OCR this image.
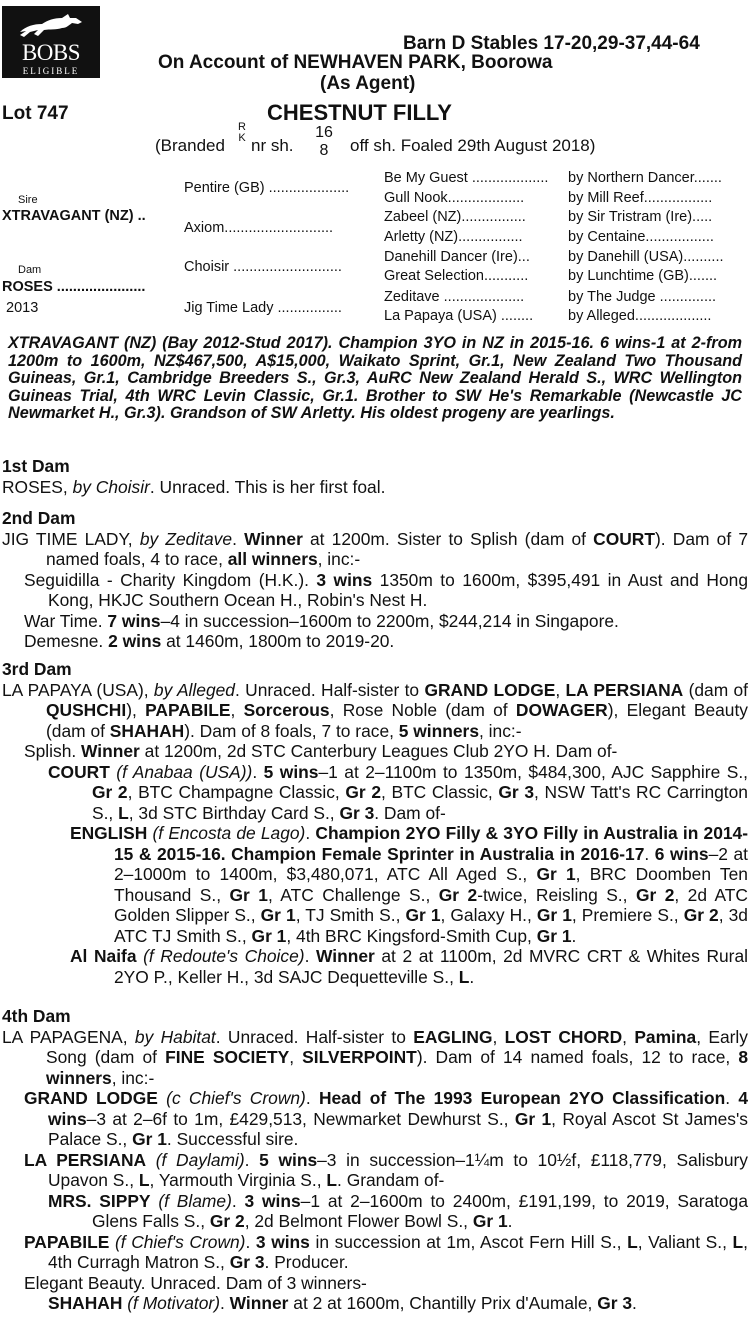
BOBS
ELIGIBLE
Barn D Stables 17-20,29-37,44-64
On Account of NEWHAVEN PARK, Boorowa
(As Agent)
Lot 747	CHESTNUT FILLY
(Branded
R
K nr sh.
16
8	off sh. Foaled 29th August 2018)
Sire
XTRAVAGANT (NZ) ..
Dam
ROSES ......................
2013
Pentire (GB) ....................
Axiom...........................
Choisir ...........................
Jig Time Lady ................
Be My Guest ................... by Northern Dancer.......
Gull Nook...................	by Mill Reef.................
Zabeel (NZ)................	by Sir Tristram (Ire).....
Arletty (NZ)................	by Centaine.................
Danehill Dancer (Ire)...	by Danehill (USA)..........
Great Selection...........	by Lunchtime (GB).......
Zeditave ....................	by The Judge ..............
La Papaya (USA) ........ by Alleged...................
XTRAVAGANT (NZ) (Bay 2012-Stud 2017). Champion 3YO in NZ in 2015-16. 6 wins-1 at 2-from 1200m to 1600m, NZ$467,500, A$15,000, Waikato Sprint, Gr.1, New Zealand Two Thousand Guineas, Gr.1, Cambridge Breeders S., Gr.3, AuRC New Zealand Herald S., WRC Wellington Guineas Trial, 4th WRC Levin Classic, Gr.1. Brother to SW He's Remarkable (Newcastle JC Newmarket H., Gr.3). Grandson of SW Arletty. His oldest progeny are yearlings.
1st Dam
ROSES, by Choisir. Unraced. This is her first foal.
2nd Dam
JIG TIME LADY, by Zeditave. Winner at 1200m. Sister to Splish (dam of COURT). Dam of 7 named foals, 4 to race, all winners, inc:-
Seguidilla - Charity Kingdom (H.K.). 3 wins 1350m to 1600m, $395,491 in Aust and Hong Kong, HKJC Southern Ocean H., Robin's Nest H.
War Time. 7 wins–4 in succession–1600m to 2200m, $244,214 in Singapore.
Demesne. 2 wins at 1460m, 1800m to 2019-20.
3rd Dam
LA PAPAYA (USA), by Alleged. Unraced. Half-sister to GRAND LODGE, LA PERSIANA (dam of QUSHCHI), PAPABILE, Sorcerous, Rose Noble (dam of DOWAGER), Elegant Beauty (dam of SHAHAH). Dam of 8 foals, 7 to race, 5 winners, inc:-
Splish. Winner at 1200m, 2d STC Canterbury Leagues Club 2YO H. Dam of-
COURT (f Anabaa (USA)). 5 wins–1 at 2–1100m to 1350m, $484,300, AJC Sapphire S., Gr 2, BTC Champagne Classic, Gr 2, BTC Classic, Gr 3, NSW Tatt's RC Carrington S., L, 3d STC Birthday Card S., Gr 3. Dam of-
ENGLISH (f Encosta de Lago). Champion 2YO Filly & 3YO Filly in Australia in 2014-15 & 2015-16. Champion Female Sprinter in Australia in 2016-17. 6 wins–2 at 2–1000m to 1400m, $3,480,071, ATC All Aged S., Gr 1, BRC Doomben Ten Thousand S., Gr 1, ATC Challenge S., Gr 2-twice, Reisling S., Gr 2, 2d ATC Golden Slipper S., Gr 1, TJ Smith S., Gr 1, Galaxy H., Gr 1, Premiere S., Gr 2, 3d ATC TJ Smith S., Gr 1, 4th BRC Kingsford-Smith Cup, Gr 1.
Al Naifa (f Redoute's Choice). Winner at 2 at 1100m, 2d MVRC CRT & Whites Rural 2YO P., Keller H., 3d SAJC Dequetteville S., L.
4th Dam
LA PAPAGENA, by Habitat. Unraced. Half-sister to EAGLING, LOST CHORD, Pamina, Early Song (dam of FINE SOCIETY, SILVERPOINT). Dam of 14 named foals, 12 to race, 8 winners, inc:-
GRAND LODGE (c Chief's Crown). Head of The 1993 European 2YO Classification. 4 wins–3 at 2–6f to 1m, £429,513, Newmarket Dewhurst S., Gr 1, Royal Ascot St James's Palace S., Gr 1. Successful sire.
LA PERSIANA (f Daylami). 5 wins–3 in succession–1¼m to 10½f, £118,779, Salisbury Upavon S., L, Yarmouth Virginia S., L. Grandam of-
MRS. SIPPY (f Blame). 3 wins–1 at 2–1600m to 2400m, £191,199, to 2019, Saratoga Glens Falls S., Gr 2, 2d Belmont Flower Bowl S., Gr 1.
PAPABILE (f Chief's Crown). 3 wins in succession at 1m, Ascot Fern Hill S., L, Valiant S., L, 4th Curragh Matron S., Gr 3. Producer.
Elegant Beauty. Unraced. Dam of 3 winners-
SHAHAH (f Motivator). Winner at 2 at 1600m, Chantilly Prix d'Aumale, Gr 3.
